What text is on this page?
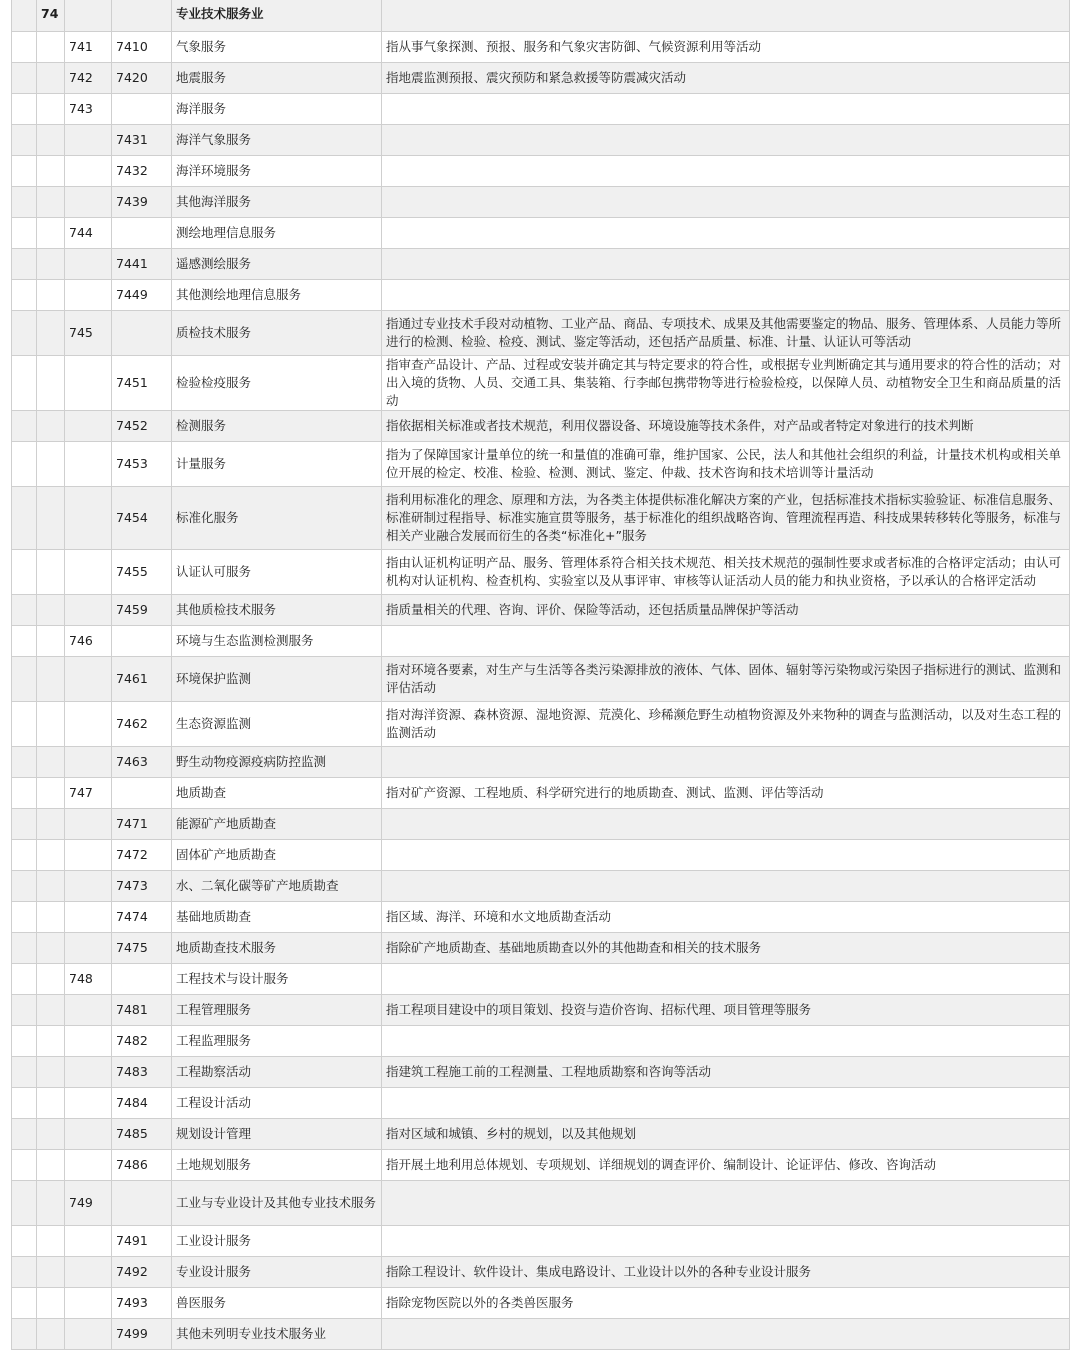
	74			专业技术服务业	
		741	7410	气象服务	指从事气象探测、预报、服务和气象灾害防御、气候资源利用等活动
		742	7420	地震服务	指地震监测预报、震灾预防和紧急救援等防震减灾活动
		743		海洋服务	
			7431	海洋气象服务	
			7432	海洋环境服务	
			7439	其他海洋服务	
		744		测绘地理信息服务	
			7441	遥感测绘服务	
			7449	其他测绘地理信息服务	
		745		质检技术服务	指通过专业技术手段对动植物、工业产品、商品、专项技术、成果及其他需要鉴定的物品、服务、管理体系、人员能力等所进行的检测、检验、检疫、测试、鉴定等活动，还包括产品质量、标准、计量、认证认可等活动
			7451	检验检疫服务	指审查产品设计、产品、过程或安装并确定其与特定要求的符合性，或根据专业判断确定其与通用要求的符合性的活动；对出入境的货物、人员、交通工具、集装箱、行李邮包携带物等进行检验检疫，以保障人员、动植物安全卫生和商品质量的活动
			7452	检测服务	指依据相关标准或者技术规范，利用仪器设备、环境设施等技术条件，对产品或者特定对象进行的技术判断
			7453	计量服务	指为了保障国家计量单位的统一和量值的准确可靠，维护国家、公民，法人和其他社会组织的利益，计量技术机构或相关单位开展的检定、校准、检验、检测、测试、鉴定、仲裁、技术咨询和技术培训等计量活动
			7454	标准化服务	指利用标准化的理念、原理和方法，为各类主体提供标准化解决方案的产业，包括标准技术指标实验验证、标准信息服务、标准研制过程指导、标准实施宣贯等服务，基于标准化的组织战略咨询、管理流程再造、科技成果转移转化等服务，标准与相关产业融合发展而衍生的各类“标准化+”服务
			7455	认证认可服务	指由认证机构证明产品、服务、管理体系符合相关技术规范、相关技术规范的强制性要求或者标准的合格评定活动；由认可机构对认证机构、检查机构、实验室以及从事评审、审核等认证活动人员的能力和执业资格，予以承认的合格评定活动
			7459	其他质检技术服务	指质量相关的代理、咨询、评价、保险等活动，还包括质量品牌保护等活动
		746		环境与生态监测检测服务	
			7461	环境保护监测	指对环境各要素，对生产与生活等各类污染源排放的液体、气体、固体、辐射等污染物或污染因子指标进行的测试、监测和评估活动
			7462	生态资源监测	指对海洋资源、森林资源、湿地资源、荒漠化、珍稀濒危野生动植物资源及外来物种的调查与监测活动，以及对生态工程的监测活动
			7463	野生动物疫源疫病防控监测	
		747		地质勘查	指对矿产资源、工程地质、科学研究进行的地质勘查、测试、监测、评估等活动
			7471	能源矿产地质勘查	
			7472	固体矿产地质勘查	
			7473	水、二氧化碳等矿产地质勘查	
			7474	基础地质勘查	指区域、海洋、环境和水文地质勘查活动
			7475	地质勘查技术服务	指除矿产地质勘查、基础地质勘查以外的其他勘查和相关的技术服务
		748		工程技术与设计服务	
			7481	工程管理服务	指工程项目建设中的项目策划、投资与造价咨询、招标代理、项目管理等服务
			7482	工程监理服务	
			7483	工程勘察活动	指建筑工程施工前的工程测量、工程地质勘察和咨询等活动
			7484	工程设计活动	
			7485	规划设计管理	指对区域和城镇、乡村的规划，以及其他规划
			7486	土地规划服务	指开展土地利用总体规划、专项规划、详细规划的调查评价、编制设计、论证评估、修改、咨询活动
		749		工业与专业设计及其他专业技术服务	
			7491	工业设计服务	
			7492	专业设计服务	指除工程设计、软件设计、集成电路设计、工业设计以外的各种专业设计服务
			7493	兽医服务	指除宠物医院以外的各类兽医服务
			7499	其他未列明专业技术服务业	
